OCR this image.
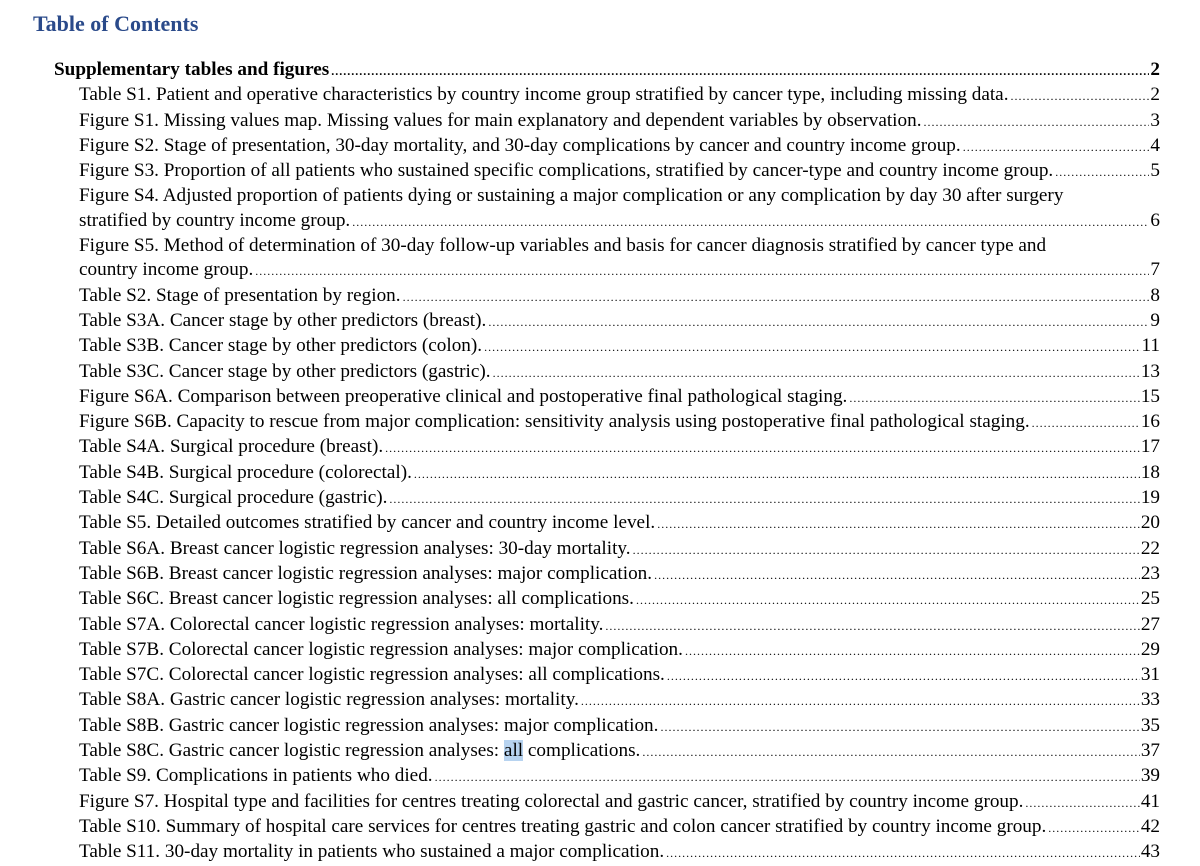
Table of Contents
Supplementary tables and figures .....	2
Table S1. Patient and operative characteristics by country income group stratified by cancer type, including missing data. .....	2
Figure S1. Missing values map. Missing values for main explanatory and dependent variables by observation. .....	3
Figure S2. Stage of presentation, 30-day mortality, and 30-day complications by cancer and country income group. .....	4
Figure S3. Proportion of all patients who sustained specific complications, stratified by cancer-type and country income group. .....	5
Figure S4. Adjusted proportion of patients dying or sustaining a major complication or any complication by day 30 after surgery
stratified by country income group. .....	6
Figure S5. Method of determination of 30-day follow-up variables and basis for cancer diagnosis stratified by cancer type and
country income group. .....	7
Table S2. Stage of presentation by region. .....	8
Table S3A. Cancer stage by other predictors (breast). .....	9
Table S3B. Cancer stage by other predictors (colon). .....	11
Table S3C. Cancer stage by other predictors (gastric). .....	13
Figure S6A. Comparison between preoperative clinical and postoperative final pathological staging. .....	15
Figure S6B. Capacity to rescue from major complication: sensitivity analysis using postoperative final pathological staging. .....	16
Table S4A. Surgical procedure (breast). .....	17
Table S4B. Surgical procedure (colorectal). .....	18
Table S4C. Surgical procedure (gastric). .....	19
Table S5. Detailed outcomes stratified by cancer and country income level. .....	20
Table S6A. Breast cancer logistic regression analyses: 30-day mortality. .....	22
Table S6B. Breast cancer logistic regression analyses: major complication. .....	23
Table S6C. Breast cancer logistic regression analyses: all complications. .....	25
Table S7A. Colorectal cancer logistic regression analyses: mortality. .....	27
Table S7B. Colorectal cancer logistic regression analyses: major complication. .....	29
Table S7C. Colorectal cancer logistic regression analyses: all complications. .....	31
Table S8A. Gastric cancer logistic regression analyses: mortality. .....	33
Table S8B. Gastric cancer logistic regression analyses: major complication. .....	35
Table S8C. Gastric cancer logistic regression analyses: all complications. .....	37
Table S9. Complications in patients who died. .....	39
Figure S7. Hospital type and facilities for centres treating colorectal and gastric cancer, stratified by country income group. .....	41
Table S10. Summary of hospital care services for centres treating gastric and colon cancer stratified by country income group. .....	42
Table S11. 30-day mortality in patients who sustained a major complication. .....	43
